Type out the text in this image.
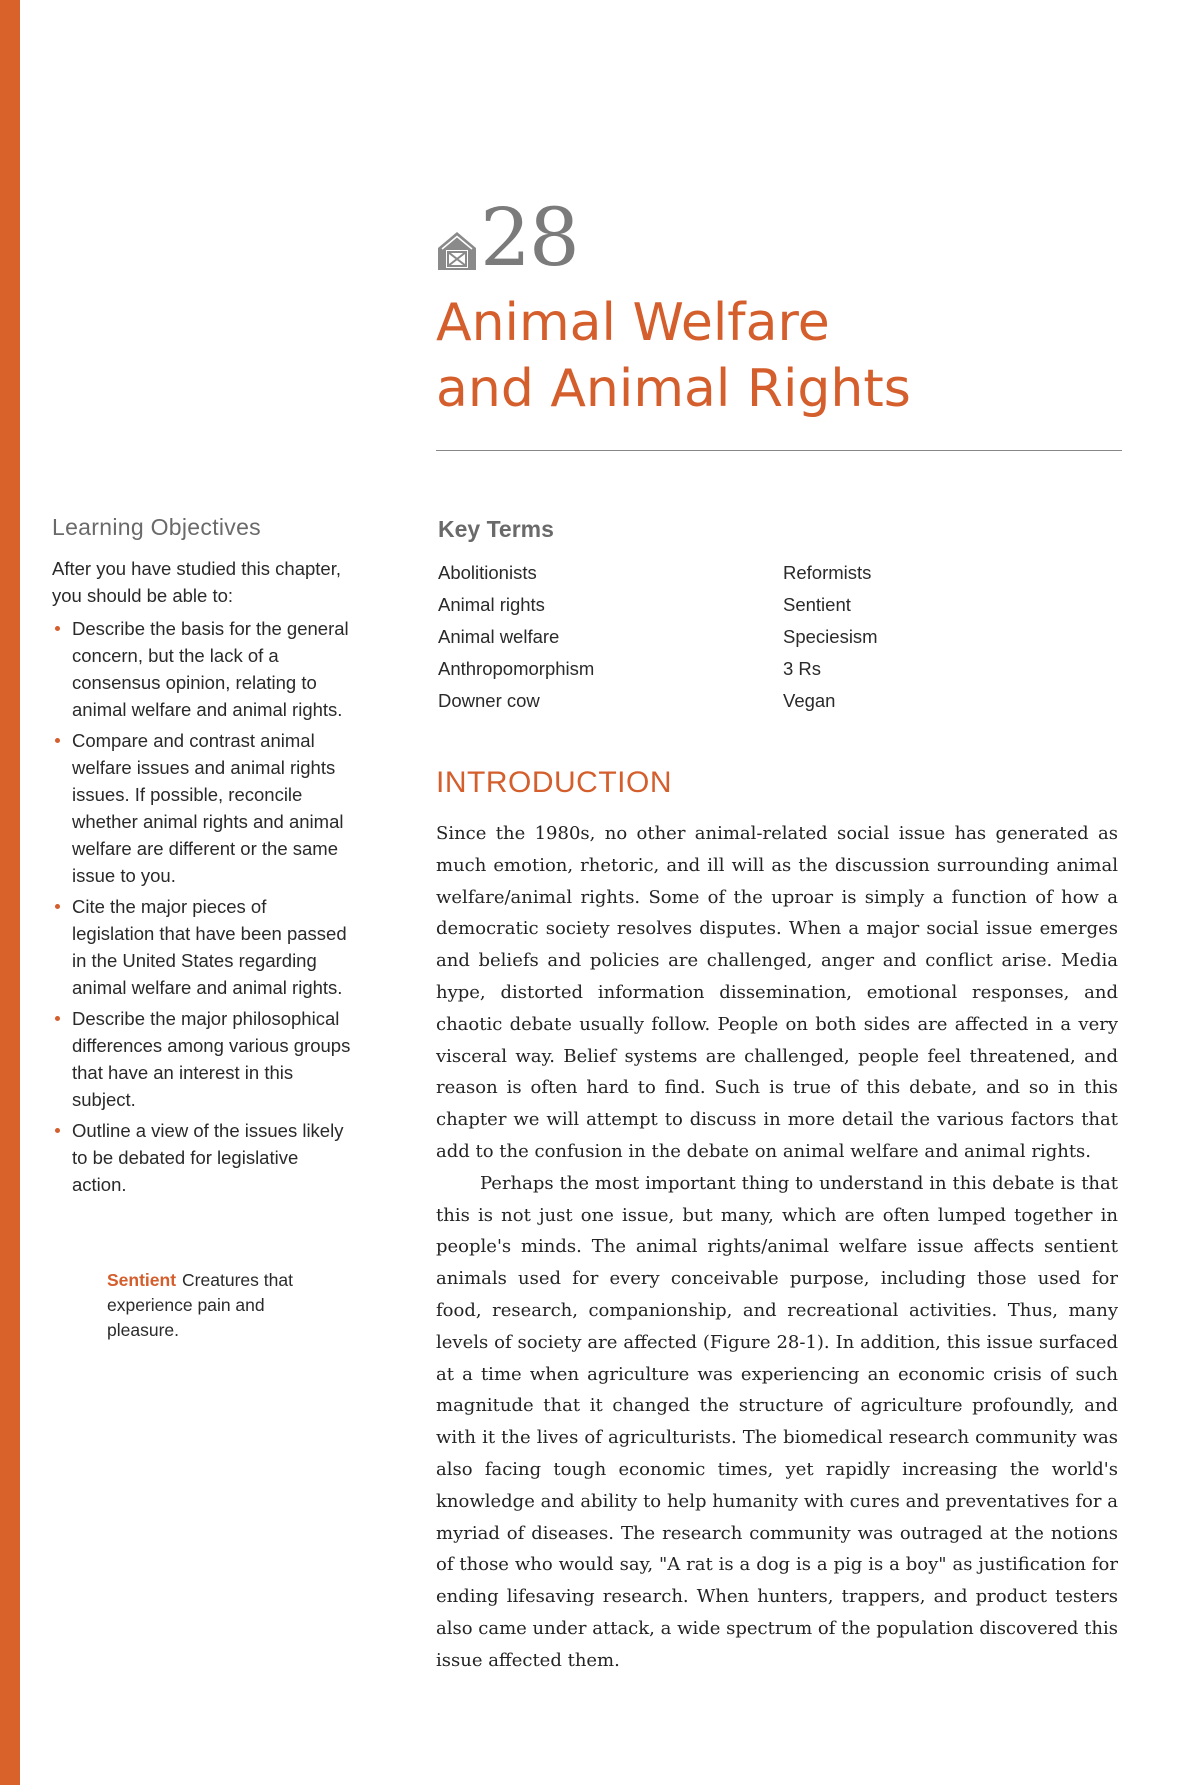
28
Animal Welfare
and Animal Rights
Learning Objectives

After you have studied this chapter, you should be able to:

Describe the basis for the general concern, but the lack of a consensus opinion, relating to animal welfare and animal rights.
Compare and contrast animal welfare issues and animal rights issues. If possible, reconcile whether animal rights and animal welfare are different or the same issue to you.
Cite the major pieces of legislation that have been passed in the United States regarding animal welfare and animal rights.
Describe the major philosophical differences among various groups that have an interest in this subject.
Outline a view of the issues likely to be debated for legislative action.
Sentient Creatures that experience pain and pleasure.
Key Terms
Abolitionists
Animal rights
Animal welfare
Anthropomorphism
Downer cow
Reformists
Sentient
Speciesism
3 Rs
Vegan
INTRODUCTION

Since the 1980s, no other animal-related social issue has generated as much emotion, rhetoric, and ill will as the discussion surrounding animal welfare/animal rights. Some of the uproar is simply a function of how a democratic society resolves disputes. When a major social issue emerges and beliefs and policies are challenged, anger and conflict arise. Media hype, distorted information dissemination, emotional responses, and chaotic debate usually follow. People on both sides are affected in a very visceral way. Belief systems are challenged, people feel threatened, and reason is often hard to find. Such is true of this debate, and so in this chapter we will attempt to discuss in more detail the various factors that add to the confusion in the debate on animal welfare and animal rights.

Perhaps the most important thing to understand in this debate is that this is not just one issue, but many, which are often lumped together in people's minds. The animal rights/animal welfare issue affects sentient animals used for every conceivable purpose, including those used for food, research, companionship, and recreational activities. Thus, many levels of society are affected (Figure 28-1). In addition, this issue surfaced at a time when agriculture was experiencing an economic crisis of such magnitude that it changed the structure of agriculture profoundly, and with it the lives of agriculturists. The biomedical research community was also facing tough economic times, yet rapidly increasing the world's knowledge and ability to help humanity with cures and preventatives for a myriad of diseases. The research community was outraged at the notions of those who would say, "A rat is a dog is a pig is a boy" as justification for ending lifesaving research. When hunters, trappers, and product testers also came under attack, a wide spectrum of the population discovered this issue affected them.
